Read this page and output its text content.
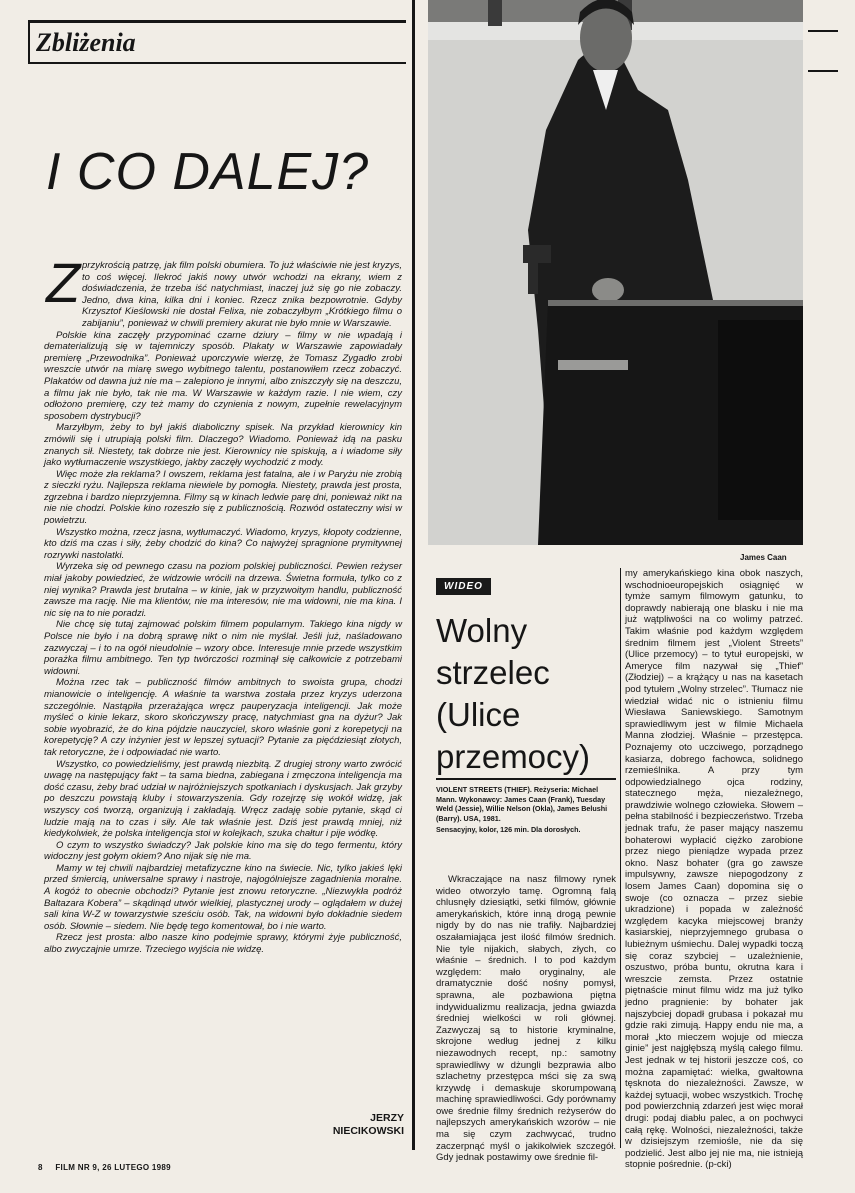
Zbliżenia
I CO DALEJ?
Z przykrością patrzę, jak film polski obumiera. To już właściwie nie jest kryzys, to coś więcej. Ilekroć jakiś nowy utwór wchodzi na ekrany, wiem z doświadczenia, że trzeba iść natychmiast, inaczej już się go nie zobaczy. Jedno, dwa kina, kilka dni i koniec. Rzecz znika bezpowrotnie. Gdyby Krzysztof Kieślowski nie dostał Felixa, nie zobaczyłbym „Krótkiego filmu o zabijaniu”, ponieważ w chwili premiery akurat nie było mnie w Warszawie.

Polskie kina zaczęły przypominać czarne dziury – filmy w nie wpadają i dematerializują się w tajemniczy sposób. Plakaty w Warszawie zapowiadały premierę „Przewodnika”. Ponieważ uporczywie wierzę, że Tomasz Zygadło zrobi wreszcie utwór na miarę swego wybitnego talentu, postanowiłem rzecz zobaczyć. Plakatów od dawna już nie ma – zalepiono je innymi, albo zniszczyły się na deszczu, a filmu jak nie było, tak nie ma. W Warszawie w każdym razie. I nie wiem, czy odłożono premierę, czy też mamy do czynienia z nowym, zupełnie rewelacyjnym sposobem dystrybucji?

Marzyłbym, żeby to był jakiś diaboliczny spisek. Na przykład kierownicy kin zmówili się i utrupiają polski film. Dlaczego? Wiadomo. Ponieważ idą na pasku znanych sił. Niestety, tak dobrze nie jest. Kierownicy nie spiskują, a i wiadome siły jako wytłumaczenie wszystkiego, jakby zaczęły wychodzić z mody.

Więc może zła reklama? I owszem, reklama jest fatalna, ale i w Paryżu nie zrobią z sieczki ryżu. Najlepsza reklama niewiele by pomogła. Niestety, prawda jest prosta, zgrzebna i bardzo nieprzyjemna. Filmy są w kinach ledwie parę dni, ponieważ nikt na nie nie chodzi. Polskie kino rozeszło się z publicznością. Rozwód ostateczny wisi w powietrzu.

Wszystko można, rzecz jasna, wytłumaczyć. Wiadomo, kryzys, kłopoty codzienne, kto dziś ma czas i siły, żeby chodzić do kina? Co najwyżej spragnione prymitywnej rozrywki nastolatki.

Wyrzeka się od pewnego czasu na poziom polskiej publiczności. Pewien reżyser miał jakoby powiedzieć, że widzowie wrócili na drzewa. Świetna formuła, tylko co z niej wynika? Prawda jest brutalna – w kinie, jak w przyzwoitym handlu, publiczność zawsze ma rację. Nie ma klientów, nie ma interesów, nie ma widowni, nie ma kina. I nic się na to nie poradzi.

Nie chcę się tutaj zajmować polskim filmem popularnym. Takiego kina nigdy w Polsce nie było i na dobrą sprawę nikt o nim nie myślał. Jeśli już, naśladowano zazwyczaj – i to na ogół nieudolnie – wzory obce. Interesuje mnie przede wszystkim porażka filmu ambitnego. Ten typ twórczości rozminął się całkowicie z potrzebami widowni.

Można rzec tak – publiczność filmów ambitnych to swoista grupa, chodzi mianowicie o inteligencję. A właśnie ta warstwa została przez kryzys uderzona szczególnie. Nastąpiła przerażająca wręcz pauperyzacja inteligencji. Jak może myśleć o kinie lekarz, skoro skończywszy pracę, natychmiast gna na dyżur? Jak sobie wyobrazić, że do kina pójdzie nauczyciel, skoro właśnie goni z korepetycji na korepetycję? A czy inżynier jest w lepszej sytuacji? Pytanie za pięćdziesiąt złotych, tak retoryczne, że i odpowiadać nie warto.

Wszystko, co powiedzieliśmy, jest prawdą niezbitą. Z drugiej strony warto zwrócić uwagę na następujący fakt – ta sama biedna, zabiegana i zmęczona inteligencja ma dość czasu, żeby brać udział w najróżniejszych spotkaniach i dyskusjach. Jak grzyby po deszczu powstają kluby i stowarzyszenia. Gdy rozejrzę się wokół widzę, jak wszyscy coś tworzą, organizują i zakładają. Wręcz zadaję sobie pytanie, skąd ci ludzie mają na to czas i siły. Ale tak właśnie jest. Dziś jest prawdą mniej, niż kiedykolwiek, że polska inteligencja stoi w kolejkach, szuka chałtur i pije wódkę.

O czym to wszystko świadczy? Jak polskie kino ma się do tego fermentu, który widoczny jest gołym okiem? Ano nijak się nie ma.

Mamy w tej chwili najbardziej metafizyczne kino na świecie. Nic, tylko jakieś lęki przed śmiercią, uniwersalne sprawy i nastroje, najogólniejsze zagadnienia moralne. A kogóż to obecnie obchodzi? Pytanie jest znowu retoryczne. „Niezwykła podróż Baltazara Kobera” – skądinąd utwór wielkiej, plastycznej urody – oglądałem w dużej sali kina W-Z w towarzystwie sześciu osób. Tak, na widowni było dokładnie siedem osób. Słownie – siedem. Nie będę tego komentował, bo i nie warto.

Rzecz jest prosta: albo nasze kino podejmie sprawy, którymi żyje publiczność, albo zwyczajnie umrze. Trzeciego wyjścia nie widzę.

JERZY
NIECIKOWSKI
8     FILM NR 9, 26 LUTEGO 1989
James Caan
WIDEO
Wolny strzelec (Ulice przemocy)
VIOLENT STREETS (THIEF). Reżyseria: Michael Mann. Wykonawcy: James Caan (Frank), Tuesday Weld (Jessie), Willie Nelson (Okla), James Belushi (Barry). USA, 1981.
Sensacyjny, kolor, 126 min. Dla dorosłych.

Wkraczające na nasz filmowy rynek wideo otworzyło tamę. Ogromną falą chlusnęły dziesiątki, setki filmów, głównie amerykańskich, które inną drogą pewnie nigdy by do nas nie trafiły. Najbardziej oszałamiająca jest ilość filmów średnich. Nie tyle nijakich, słabych, złych, co właśnie – średnich. I to pod każdym względem: mało oryginalny, ale dramatycznie dość nośny pomysł, sprawna, ale pozbawiona piętna indywidualizmu realizacja, jedna gwiazda średniej wielkości w roli głównej. Zazwyczaj są to historie kryminalne, skrojone według jednej z kilku niezawodnych recept, np.: samotny sprawiedliwy w dżungli bezprawia albo szlachetny przestępca mści się za swą krzywdę i demaskuje skorumpowaną machinę sprawiedliwości. Gdy porównamy owe średnie filmy średnich reżyserów do najlepszych amerykańskich wzorów – nie ma się czym zachwycać, trudno zaczerpnąć myśl o jakikolwiek szczegół. Gdy jednak postawimy owe średnie fil-

my amerykańskiego kina obok naszych, wschodnioeuropejskich osiągnięć w tymże samym filmowym gatunku, to doprawdy nabierają one blasku i nie ma już wątpliwości na co wolimy patrzeć. Takim właśnie pod każdym względem średnim filmem jest „Violent Streets” (Ulice przemocy) – to tytuł europejski, w Ameryce film nazywał się „Thief” (Złodziej) – a krążący u nas na kasetach pod tytułem „Wolny strzelec”. Tłumacz nie wiedział widać nic o istnieniu filmu Wiesława Saniewskiego. Samotnym sprawiedliwym jest w filmie Michaela Manna złodziej. Właśnie – przestępca. Poznajemy oto uczciwego, porządnego kasiarza, dobrego fachowca, solidnego rzemieślnika. A przy tym odpowiedzialnego ojca rodziny, statecznego męża, niezależnego, prawdziwie wolnego człowieka. Słowem – pełna stabilność i bezpieczeństwo. Trzeba jednak trafu, że paser mający naszemu bohaterowi wypłacić ciężko zarobione przez niego pieniądze wypada przez okno. Nasz bohater (gra go zawsze impulsywny, zawsze niepogodzony z losem James Caan) dopomina się o swoje (co oznacza – przez siebie ukradzione) i popada w zależność względem kacyka miejscowej branży kasiarskiej, nieprzyjemnego grubasa o lubieżnym uśmiechu. Dalej wypadki toczą się coraz szybciej – uzależnienie, oszustwo, próba buntu, okrutna kara i wreszcie zemsta. Przez ostatnie piętnaście minut filmu widz ma już tylko jedno pragnienie: by bohater jak najszybciej dopadł grubasa i pokazał mu gdzie raki zimują. Happy endu nie ma, a morał „kto mieczem wojuje od miecza ginie” jest najgłębszą myślą całego filmu. Jest jednak w tej historii jeszcze coś, co można zapamiętać: wielka, gwałtowna tęsknota do niezależności. Zawsze, w każdej sytuacji, wobec wszystkich. Trochę pod powierzchnią zdarzeń jest więc morał drugi: podaj diabłu palec, a on pochwyci całą rękę. Wolności, niezależności, także w dzisiejszym rzemiośle, nie da się podzielić. Jest albo jej nie ma, nie istnieją stopnie pośrednie. (p-cki)
